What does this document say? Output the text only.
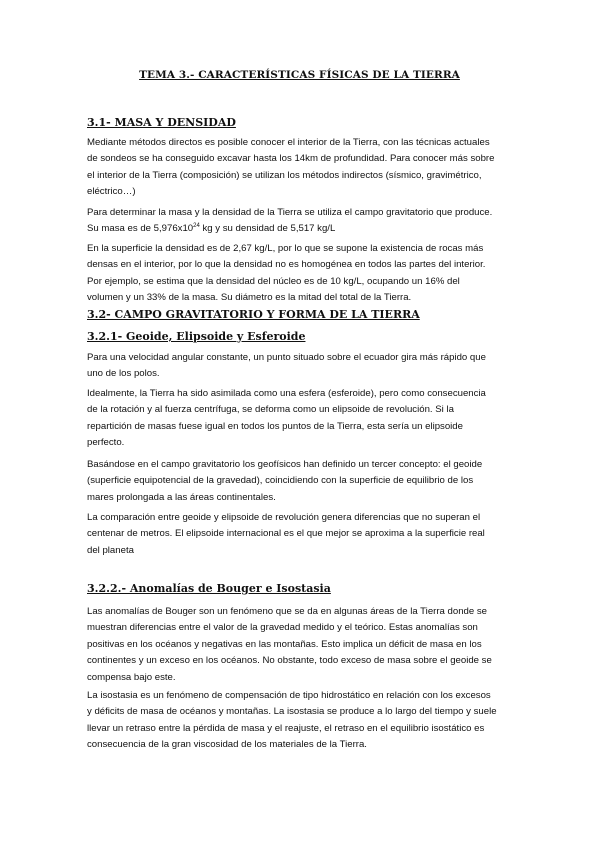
TEMA 3.- CARACTERÍSTICAS FÍSICAS DE LA TIERRA
3.1- MASA Y DENSIDAD

Mediante métodos directos es posible conocer el interior de la Tierra, con las técnicas actuales
de sondeos se ha conseguido excavar hasta los 14km de profundidad. Para conocer más sobre
el interior de la Tierra (composición) se utilizan los métodos indirectos (sísmico, gravimétrico,
eléctrico…)

Para determinar la masa y la densidad de la Tierra se utiliza el campo gravitatorio que produce.
Su masa es de $5,976x10^{24}$ kg y su densidad de 5,517 kg/L

En la superficie la densidad es de 2,67 kg/L, por lo que se supone la existencia de rocas más
densas en el interior, por lo que la densidad no es homogénea en todos las partes del interior.
Por ejemplo, se estima que la densidad del núcleo es de 10 kg/L, ocupando un 16% del
volumen y un 33% de la masa. Su diámetro es la mitad del total de la Tierra.

3.2- CAMPO GRAVITATORIO Y FORMA DE LA TIERRA
3.2.1- Geoide, Elipsoide y Esferoide

Para una velocidad angular constante, un punto situado sobre el ecuador gira más rápido que
uno de los polos.

Idealmente, la Tierra ha sido asimilada como una esfera (esferoide), pero como consecuencia
de la rotación y al fuerza centrífuga, se deforma como un elipsoide de revolución. Si la
repartición de masas fuese igual en todos los puntos de la Tierra, esta sería un elipsoide
perfecto.

Basándose en el campo gravitatorio los geofísicos han definido un tercer concepto: el geoide
(superficie equipotencial de la gravedad), coincidiendo con la superficie de equilibrio de los
mares prolongada a las áreas continentales.

La comparación entre geoide y elipsoide de revolución genera diferencias que no superan el
centenar de metros. El elipsoide internacional es el que mejor se aproxima a la superficie real
del planeta

3.2.2.- Anomalías de Bouger e Isostasia

Las anomalías de Bouger son un fenómeno que se da en algunas áreas de la Tierra donde se
muestran diferencias entre el valor de la gravedad medido y el teórico. Estas anomalías son
positivas en los océanos y negativas en las montañas. Esto implica un déficit de masa en los
continentes y un exceso en los océanos. No obstante, todo exceso de masa sobre el geoide se
compensa bajo este.

La isostasia es un fenómeno de compensación de tipo hidrostático en relación con los excesos
y déficits de masa de océanos y montañas. La isostasia se produce a lo largo del tiempo y suele
llevar un retraso entre la pérdida de masa y el reajuste, el retraso en el equilibrio isostático es
consecuencia de la gran viscosidad de los materiales de la Tierra.
